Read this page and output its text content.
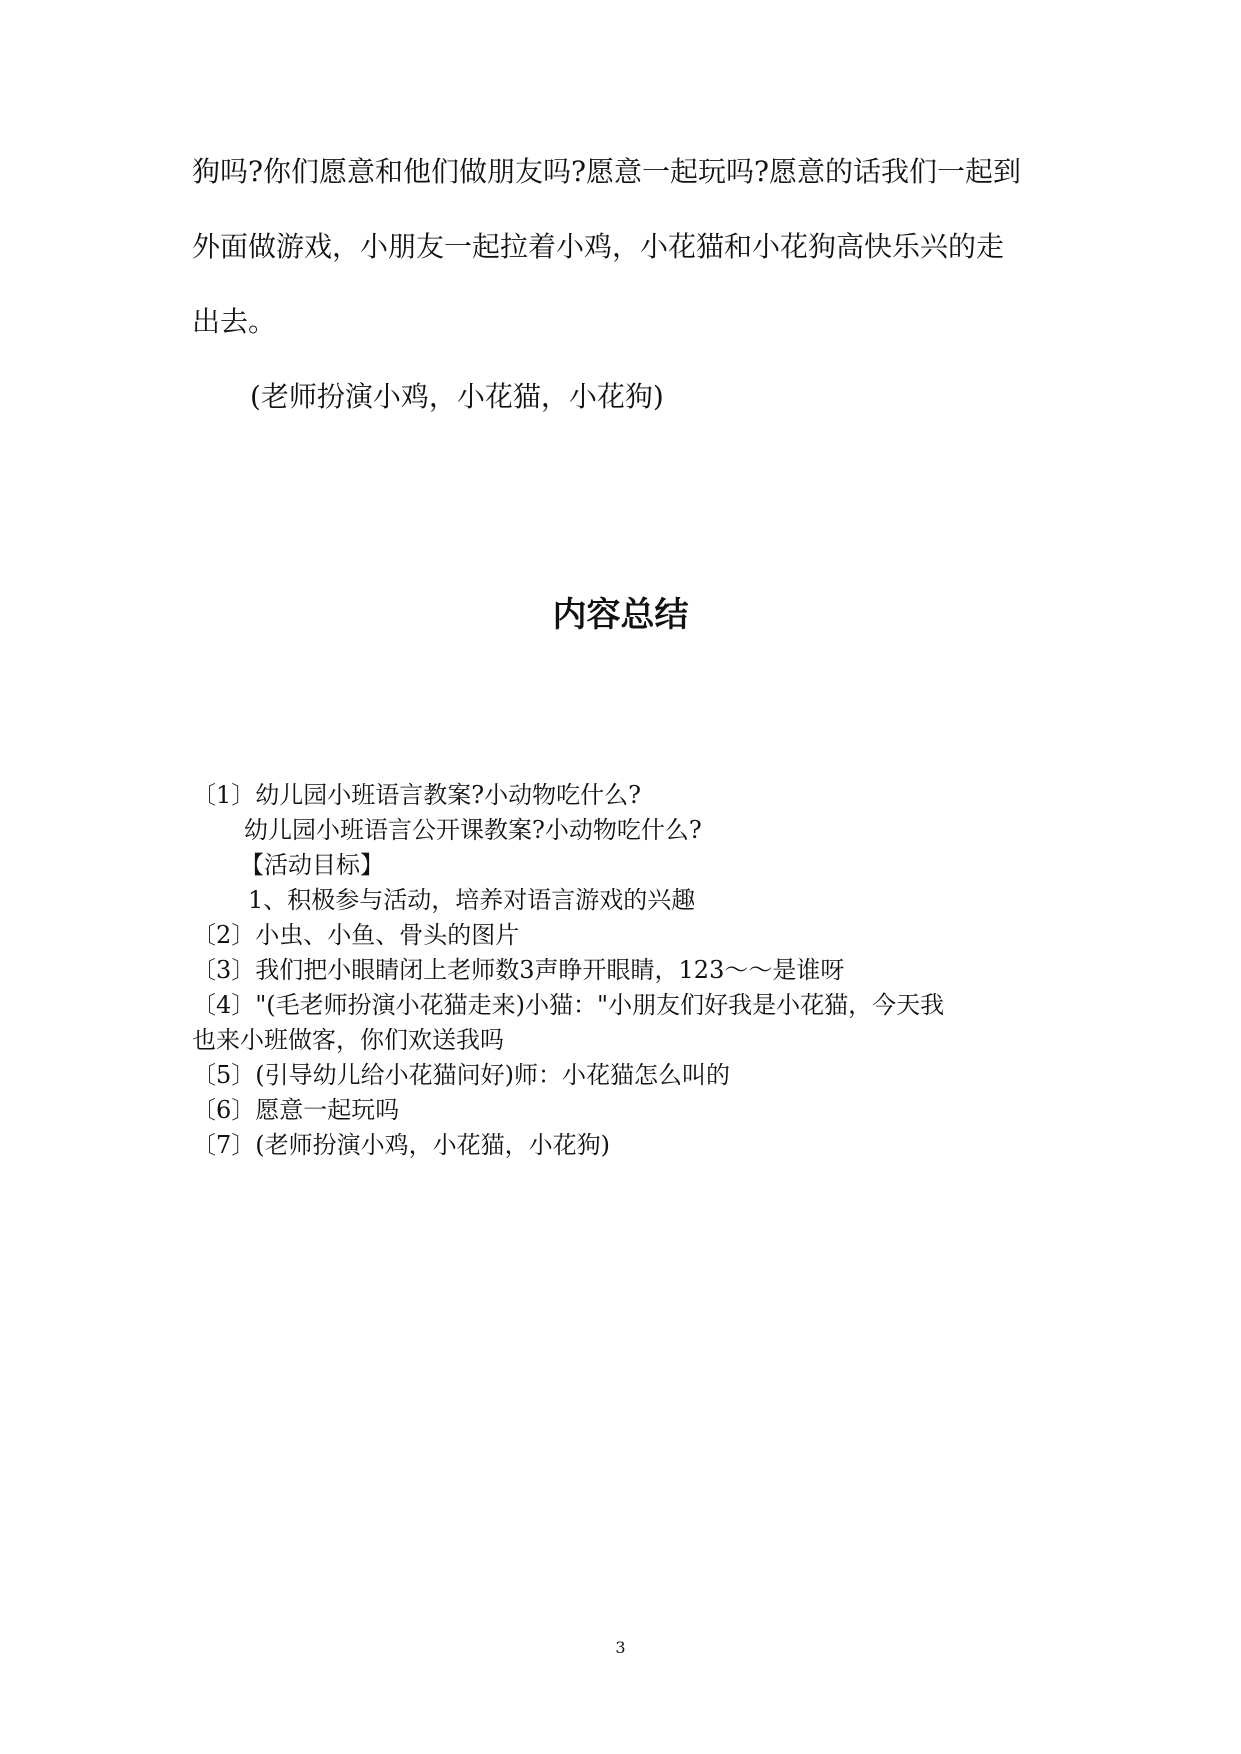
狗吗?你们愿意和他们做朋友吗?愿意一起玩吗?愿意的话我们一起到
外面做游戏，小朋友一起拉着小鸡，小花猫和小花狗高快乐兴的走
出去。
(老师扮演小鸡，小花猫，小花狗)
内容总结
〔1〕幼儿园小班语言教案?小动物吃什么?
幼儿园小班语言公开课教案?小动物吃什么?
【活动目标】
1、积极参与活动，培养对语言游戏的兴趣
〔2〕小虫、小鱼、骨头的图片
〔3〕我们把小眼睛闭上老师数3声睁开眼睛，123～～是谁呀
〔4〕"(毛老师扮演小花猫走来)小猫："小朋友们好我是小花猫，今天我
也来小班做客，你们欢送我吗
〔5〕(引导幼儿给小花猫问好)师：小花猫怎么叫的
〔6〕愿意一起玩吗
〔7〕(老师扮演小鸡，小花猫，小花狗)
3
